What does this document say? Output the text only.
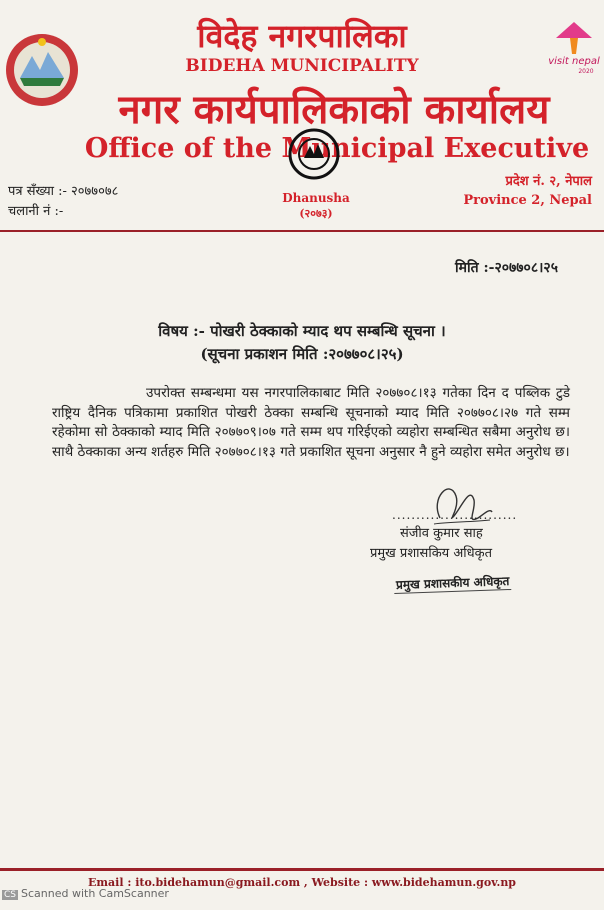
visit nepal
2020
विदेह नगरपालिका
BIDEHA MUNICIPALITY
नगर कार्यपालिकाको कार्यालय
Office of the Municipal Executive
Dhanusha
(२०७३)
पत्र सँख्या :- २०७७०७८
चलानी नं :-
प्रदेश नं. २, नेपाल
Province 2, Nepal
मिति :-२०७७०८।२५
विषय :- पोखरी ठेक्काको म्याद थप सम्बन्धि सूचना ।
(सूचना प्रकाशन मिति :२०७७०८।२५)
उपरोक्त सम्बन्धमा यस नगरपालिकाबाट मिति २०७७०८।१३ गतेका दिन द पब्लिक टुडे राष्ट्रिय दैनिक पत्रिकामा प्रकाशित पोखरी ठेक्का सम्बन्धि सूचनाको म्याद मिति २०७७०८।२७ गते सम्म रहेकोमा सो ठेक्काको म्याद मिति २०७७०९।०७ गते सम्म थप गरिईएको व्यहोरा सम्बन्धित सबैमा अनुरोध छ। साथै ठेक्काका अन्य शर्तहरु मिति २०७७०८।१३ गते प्रकाशित सूचना अनुसार नै हुने व्यहोरा समेत अनुरोध छ।
..........................
संजीव कुमार साह
प्रमुख प्रशासकिय अधिकृत
प्रमुख प्रशासकीय अधिकृत
Email : ito.bidehamun@gmail.com , Website : www.bidehamun.gov.np
CS Scanned with CamScanner
